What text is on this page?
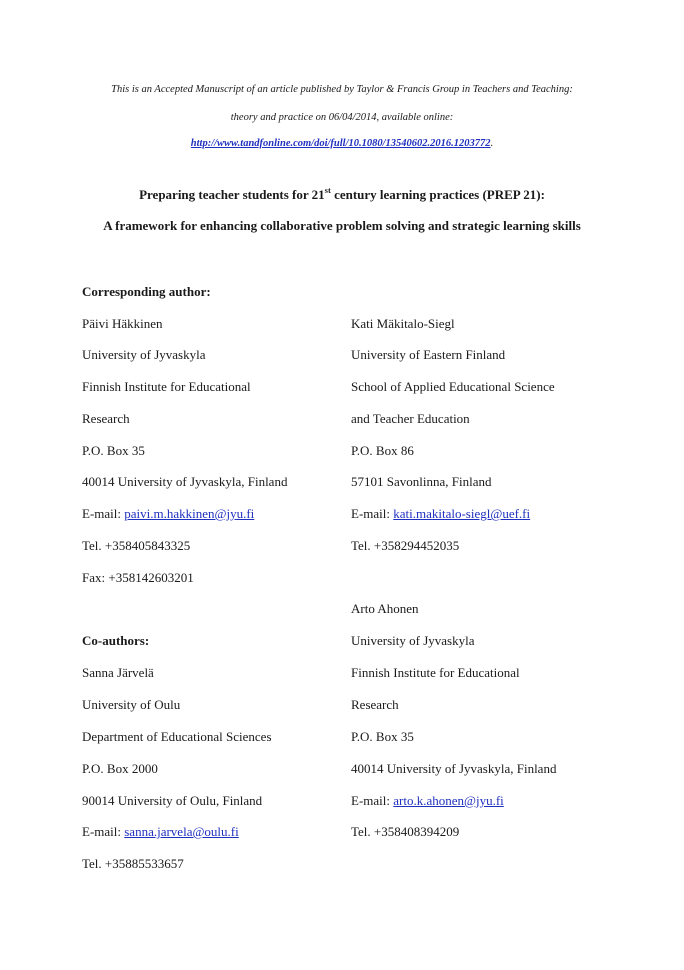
This is an Accepted Manuscript of an article published by Taylor & Francis Group in Teachers and Teaching:
theory and practice on 06/04/2014, available online:
http://www.tandfonline.com/doi/full/10.1080/13540602.2016.1203772.
Preparing teacher students for 21st century learning practices (PREP 21):
A framework for enhancing collaborative problem solving and strategic learning skills
Corresponding author:
Päivi Häkkinen
University of Jyvaskyla
Finnish Institute for Educational
Research
P.O. Box 35
40014 University of Jyvaskyla, Finland
E-mail: paivi.m.hakkinen@jyu.fi
Tel. +358405843325
Fax: +358142603201
Kati Mäkitalo-Siegl
University of Eastern Finland
School of Applied Educational Science
and Teacher Education
P.O. Box 86
57101 Savonlinna, Finland
E-mail: kati.makitalo-siegl@uef.fi
Tel. +358294452035
Co-authors:
Sanna Järvelä
University of Oulu
Department of Educational Sciences
P.O. Box 2000
90014 University of Oulu, Finland
E-mail: sanna.jarvela@oulu.fi
Tel. +35885533657
Arto Ahonen
University of Jyvaskyla
Finnish Institute for Educational
Research
P.O. Box 35
40014 University of Jyvaskyla, Finland
E-mail: arto.k.ahonen@jyu.fi
Tel. +358408394209
